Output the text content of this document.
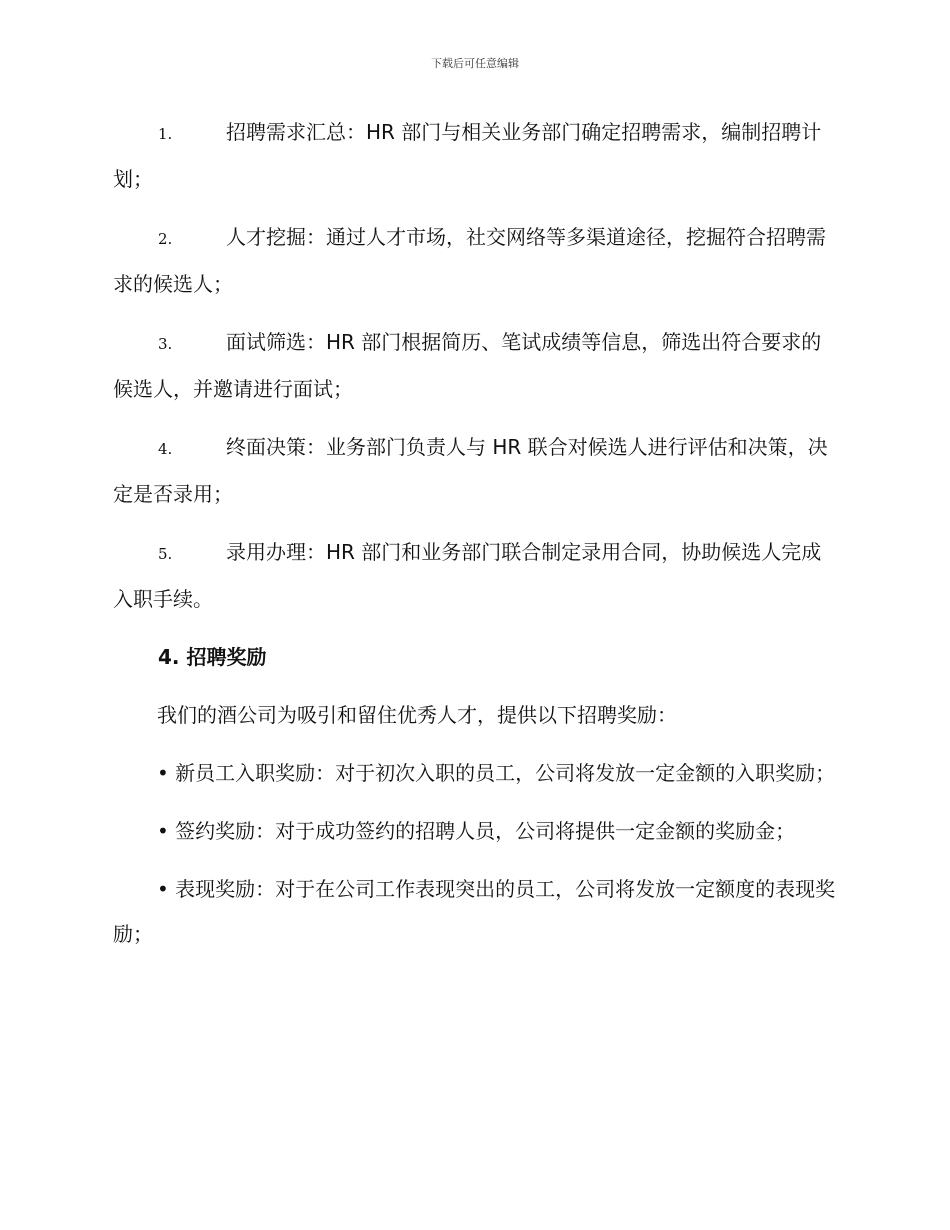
下载后可任意编辑

1.	招聘需求汇总：HR 部门与相关业务部门确定招聘需求，编制招聘计划；

2.	人才挖掘：通过人才市场，社交网络等多渠道途径，挖掘符合招聘需求的候选人；

3.	面试筛选：HR 部门根据简历、笔试成绩等信息，筛选出符合要求的候选人，并邀请进行面试；

4.	终面决策：业务部门负责人与 HR 联合对候选人进行评估和决策，决定是否录用；

5.	录用办理：HR 部门和业务部门联合制定录用合同，协助候选人完成入职手续。

4. 招聘奖励

我们的酒公司为吸引和留住优秀人才，提供以下招聘奖励：

• 新员工入职奖励：对于初次入职的员工，公司将发放一定金额的入职奖励；

• 签约奖励：对于成功签约的招聘人员，公司将提供一定金额的奖励金；

• 表现奖励：对于在公司工作表现突出的员工，公司将发放一定额度的表现奖励；
